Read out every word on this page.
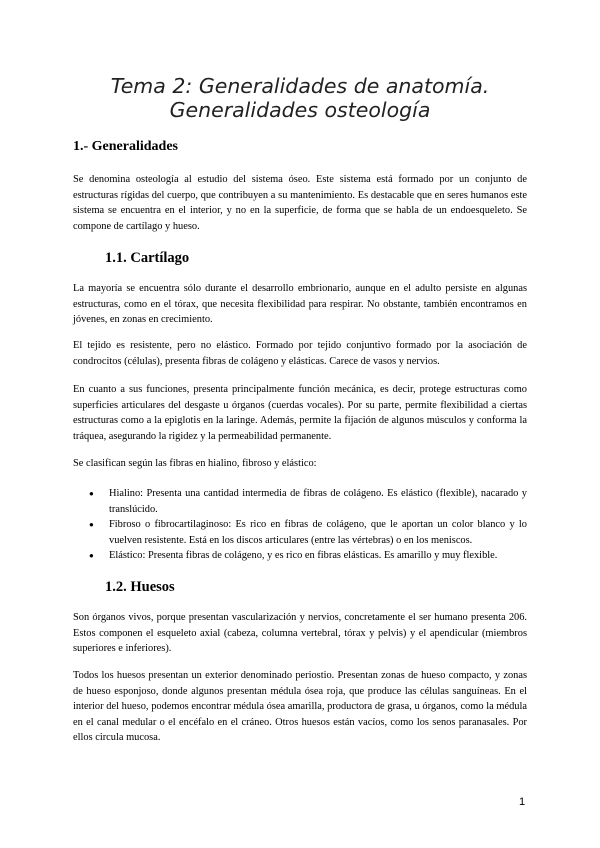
Tema 2: Generalidades de anatomía.
Generalidades osteología
1.- Generalidades

Se denomina osteología al estudio del sistema óseo. Este sistema está formado por un conjunto de estructuras rígidas del cuerpo, que contribuyen a su mantenimiento. Es destacable que en seres humanos este sistema se encuentra en el interior, y no en la superficie, de forma que se habla de un endoesqueleto. Se compone de cartílago y hueso.

1.1. Cartílago

La mayoría se encuentra sólo durante el desarrollo embrionario, aunque en el adulto persiste en algunas estructuras, como en el tórax, que necesita flexibilidad para respirar. No obstante, también encontramos en jóvenes, en zonas en crecimiento.

El tejido es resistente, pero no elástico. Formado por tejido conjuntivo formado por la asociación de condrocitos (células), presenta fibras de colágeno y elásticas. Carece de vasos y nervios.

En cuanto a sus funciones, presenta principalmente función mecánica, es decir, protege estructuras como superficies articulares del desgaste u órganos (cuerdas vocales). Por su parte, permite flexibilidad a ciertas estructuras como a la epiglotis en la laringe. Además, permite la fijación de algunos músculos y conforma la tráquea, asegurando la rigidez y la permeabilidad permanente.

Se clasifican según las fibras en hialino, fibroso y elástico:

● Hialino: Presenta una cantidad intermedia de fibras de colágeno. Es elástico (flexible), nacarado y translúcido.
● Fibroso o fibrocartilaginoso: Es rico en fibras de colágeno, que le aportan un color blanco y lo vuelven resistente. Está en los discos articulares (entre las vértebras) o en los meniscos.
● Elástico: Presenta fibras de colágeno, y es rico en fibras elásticas. Es amarillo y muy flexible.
1.2. Huesos

Son órganos vivos, porque presentan vascularización y nervios, concretamente el ser humano presenta 206. Estos componen el esqueleto axial (cabeza, columna vertebral, tórax y pelvis) y el apendicular (miembros superiores e inferiores).

Todos los huesos presentan un exterior denominado periostio. Presentan zonas de hueso compacto, y zonas de hueso esponjoso, donde algunos presentan médula ósea roja, que produce las células sanguíneas. En el interior del hueso, podemos encontrar médula ósea amarilla, productora de grasa, u órganos, como la médula en el canal medular o el encéfalo en el cráneo. Otros huesos están vacíos, como los senos paranasales. Por ellos circula mucosa.

1
